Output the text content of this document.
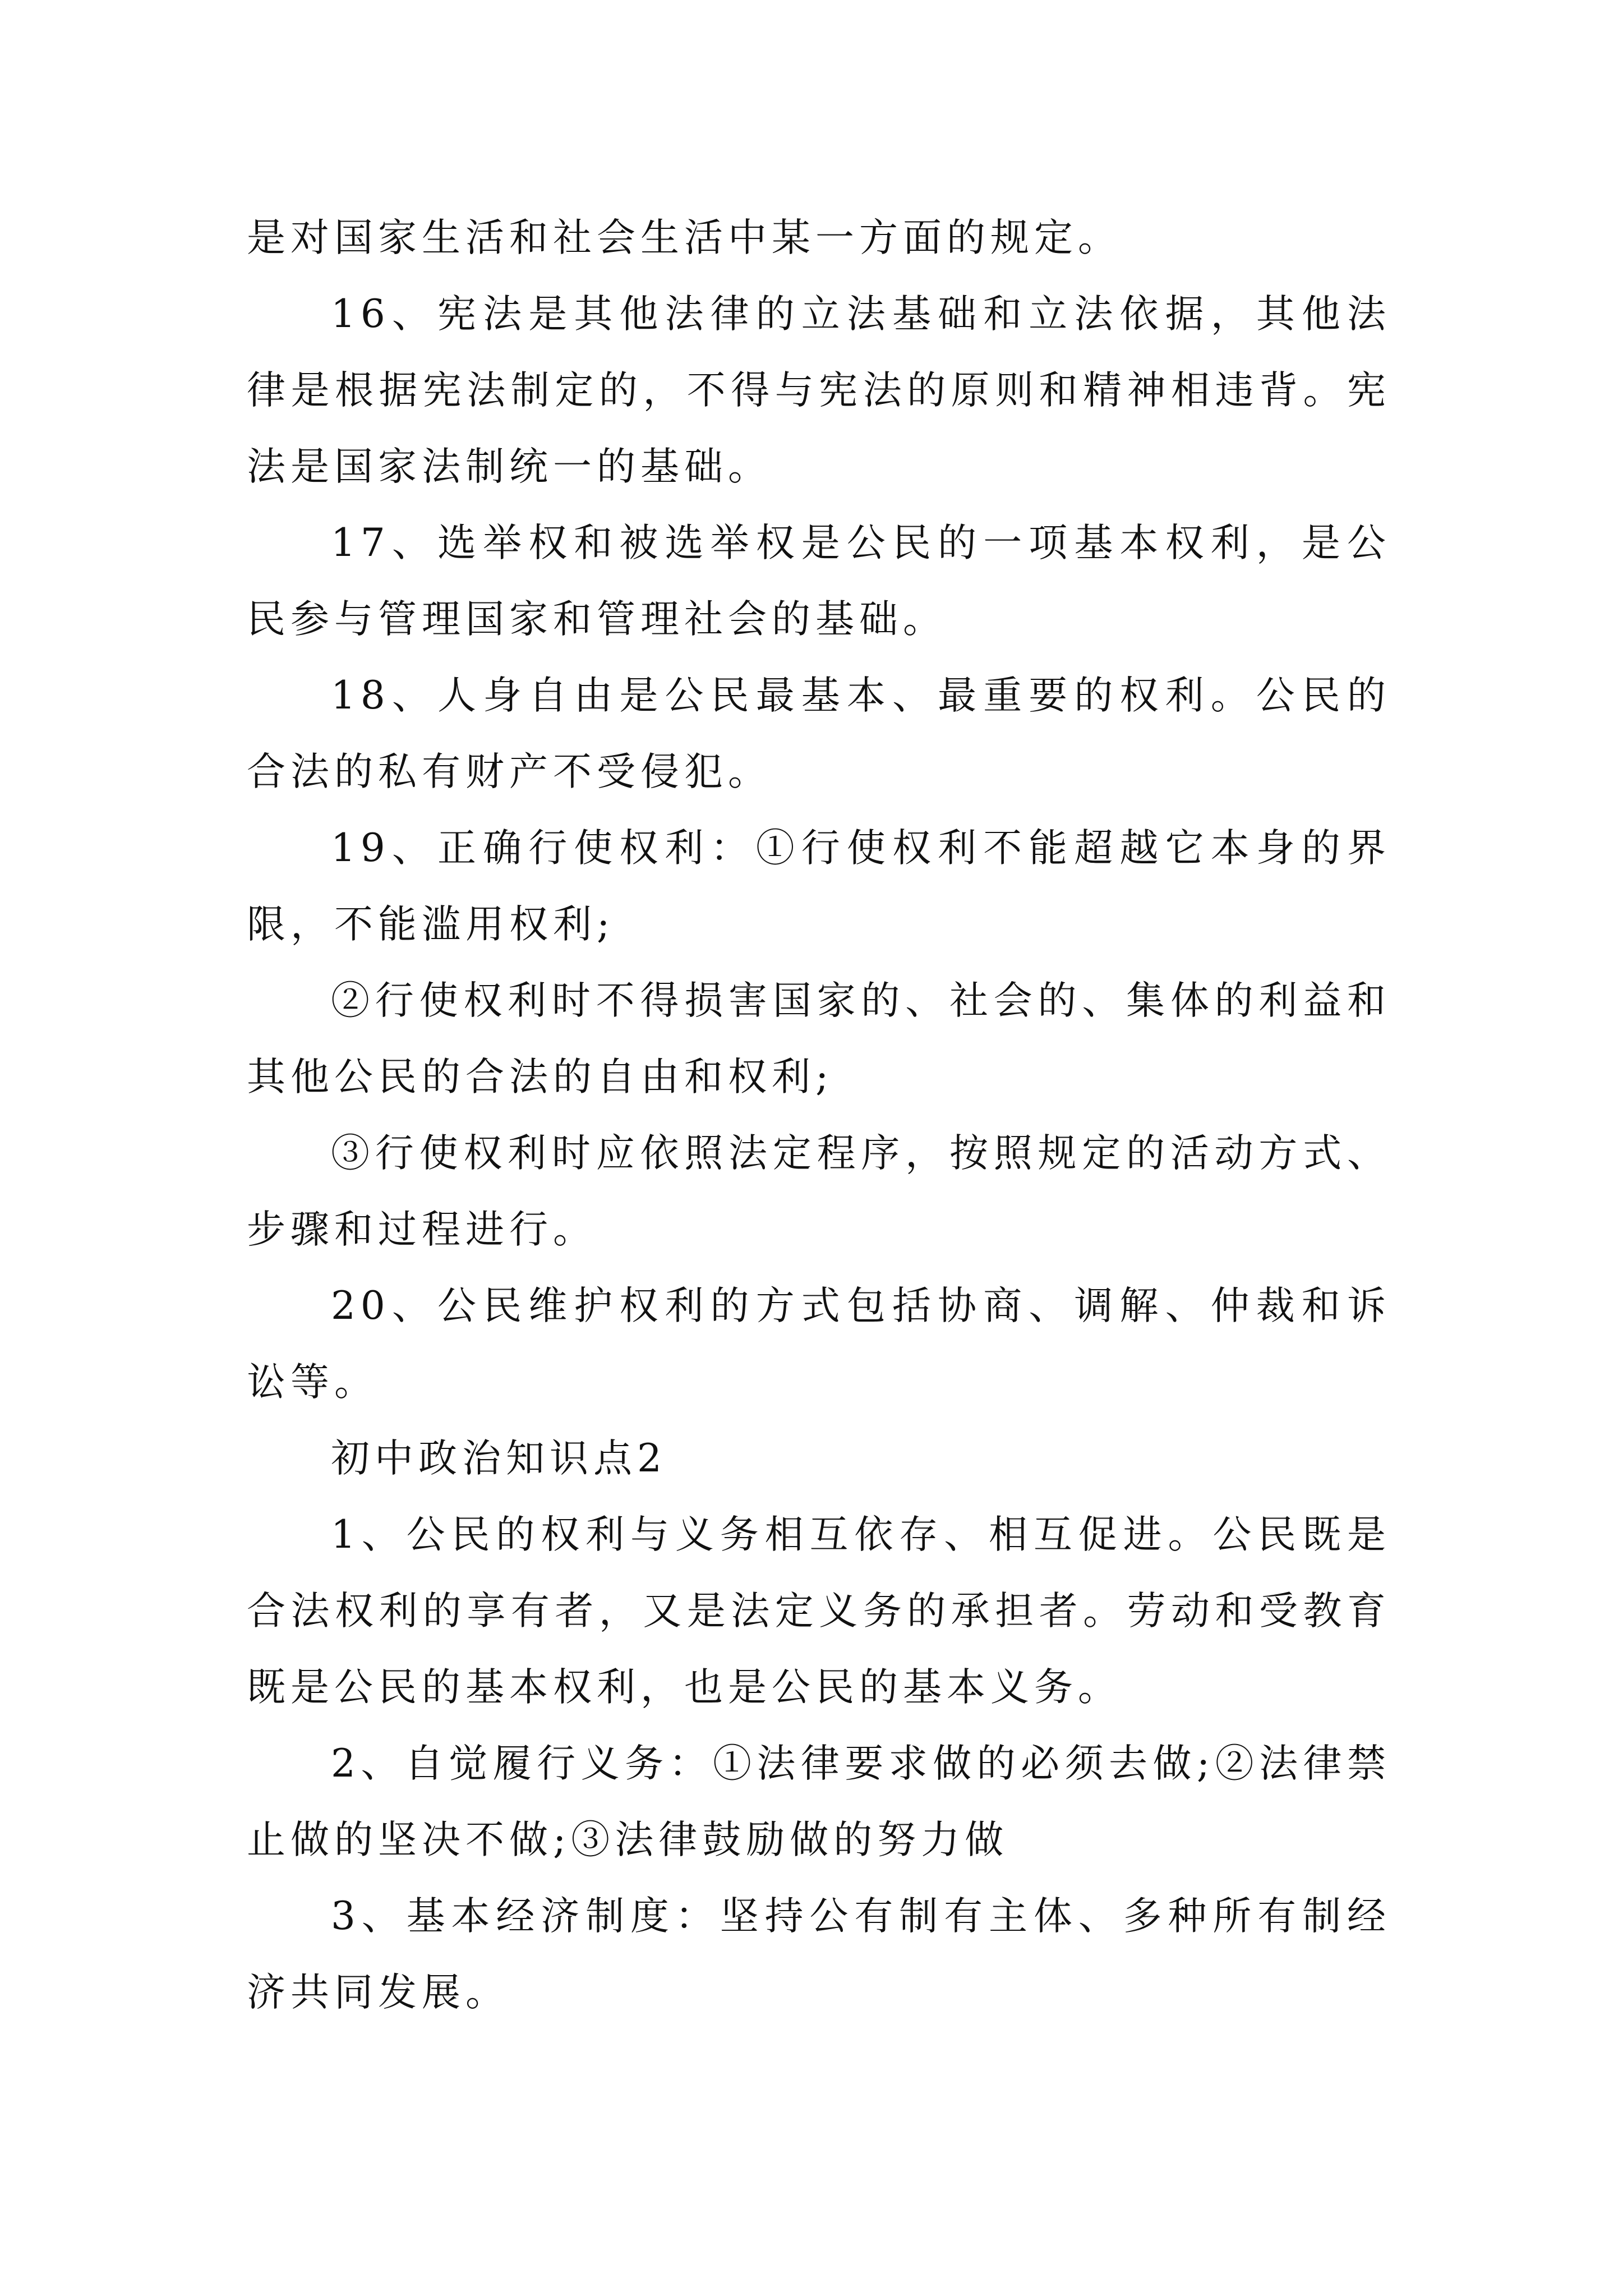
是对国家生活和社会生活中某一方面的规定。

16、宪法是其他法律的立法基础和立法依据，其他法律是根据宪法制定的，不得与宪法的原则和精神相违背。宪法是国家法制统一的基础。

17、选举权和被选举权是公民的一项基本权利，是公民参与管理国家和管理社会的基础。

18、人身自由是公民最基本、最重要的权利。公民的合法的私有财产不受侵犯。

19、正确行使权利：①行使权利不能超越它本身的界限，不能滥用权利;

②行使权利时不得损害国家的、社会的、集体的利益和其他公民的合法的自由和权利;

③行使权利时应依照法定程序，按照规定的活动方式、步骤和过程进行。

20、公民维护权利的方式包括协商、调解、仲裁和诉讼等。

初中政治知识点2

1、公民的权利与义务相互依存、相互促进。公民既是合法权利的享有者，又是法定义务的承担者。劳动和受教育既是公民的基本权利，也是公民的基本义务。

2、自觉履行义务：①法律要求做的必须去做;②法律禁止做的坚决不做;③法律鼓励做的努力做

3、基本经济制度：坚持公有制有主体、多种所有制经济共同发展。
